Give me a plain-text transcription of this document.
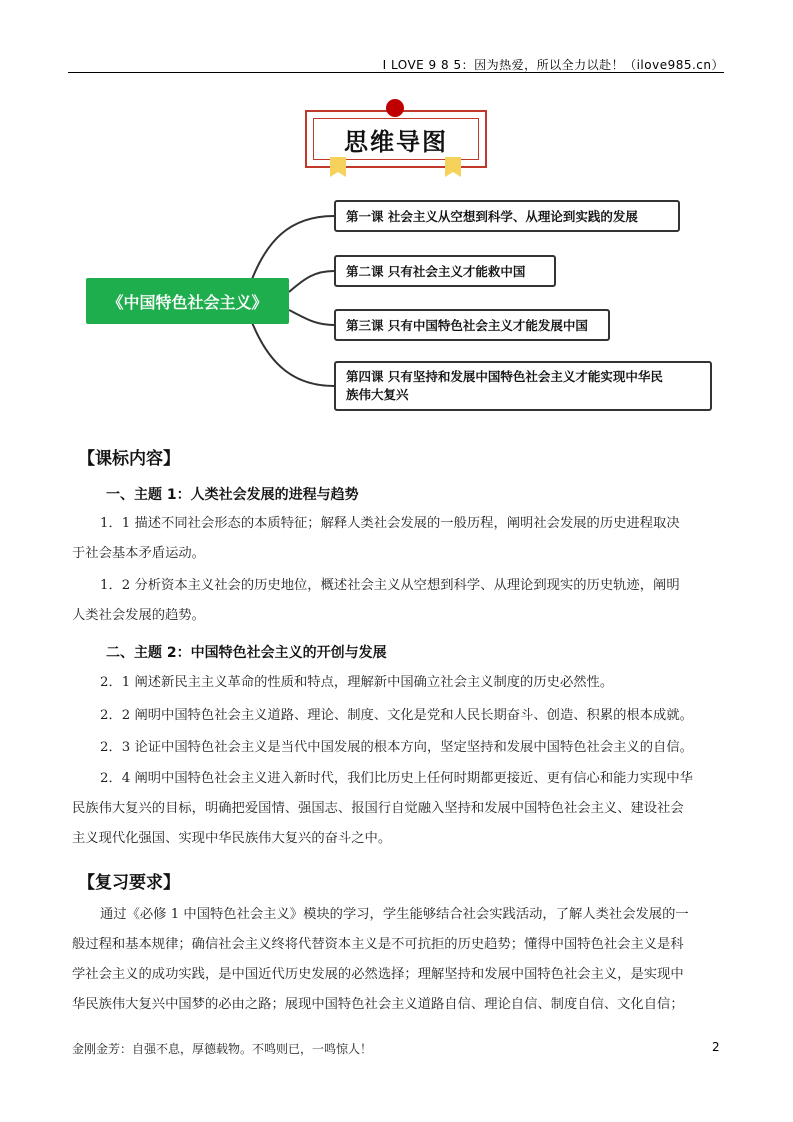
I LOVE 9 8 5：因为热爱，所以全力以赴！（ilove985.cn）
思维导图
《中国特色社会主义》
第一课 社会主义从空想到科学、从理论到实践的发展
第二课 只有社会主义才能救中国
第三课 只有中国特色社会主义才能发展中国
第四课 只有坚持和发展中国特色社会主义才能实现中华民
族伟大复兴
【课标内容】
一、主题 1：人类社会发展的进程与趋势
1．1 描述不同社会形态的本质特征；解释人类社会发展的一般历程，阐明社会发展的历史进程取决
于社会基本矛盾运动。
1．2 分析资本主义社会的历史地位，概述社会主义从空想到科学、从理论到现实的历史轨迹，阐明
人类社会发展的趋势。
二、主题 2：中国特色社会主义的开创与发展
2．1 阐述新民主主义革命的性质和特点，理解新中国确立社会主义制度的历史必然性。
2．2 阐明中国特色社会主义道路、理论、制度、文化是党和人民长期奋斗、创造、积累的根本成就。
2．3 论证中国特色社会主义是当代中国发展的根本方向，坚定坚持和发展中国特色社会主义的自信。
2．4 阐明中国特色社会主义进入新时代，我们比历史上任何时期都更接近、更有信心和能力实现中华
民族伟大复兴的目标，明确把爱国情、强国志、报国行自觉融入坚持和发展中国特色社会主义、建设社会
主义现代化强国、实现中华民族伟大复兴的奋斗之中。
【复习要求】
通过《必修 1 中国特色社会主义》模块的学习，学生能够结合社会实践活动，了解人类社会发展的一
般过程和基本规律；确信社会主义终将代替资本主义是不可抗拒的历史趋势；懂得中国特色社会主义是科
学社会主义的成功实践，是中国近代历史发展的必然选择；理解坚持和发展中国特色社会主义，是实现中
华民族伟大复兴中国梦的必由之路；展现中国特色社会主义道路自信、理论自信、制度自信、文化自信；
金刚金芳：自强不息，厚德载物。不鸣则已，一鸣惊人！	2
